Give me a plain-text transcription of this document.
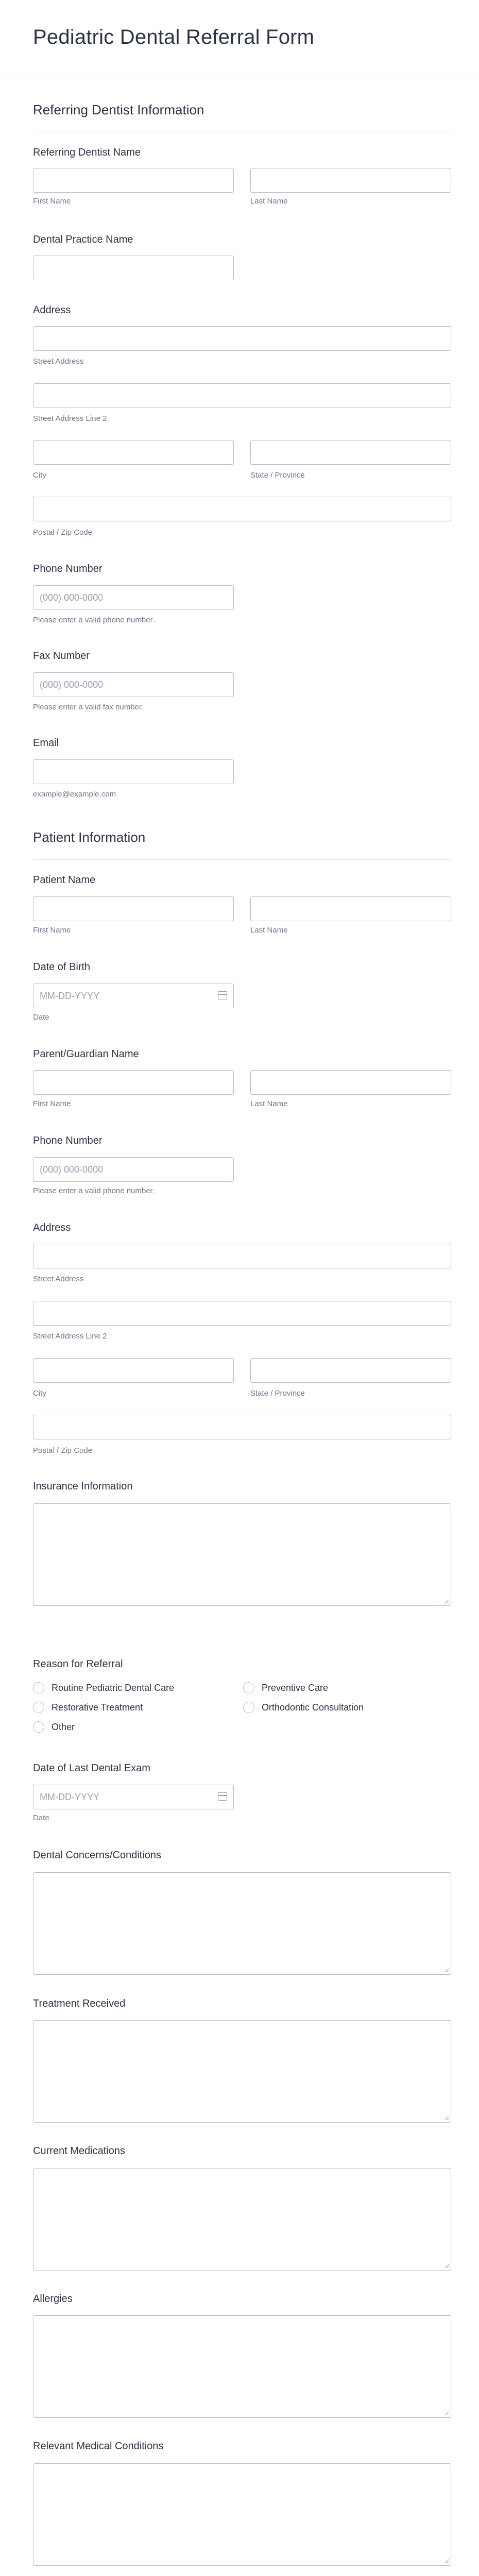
Pediatric Dental Referral Form
Referring Dentist Information
Referring Dentist Name
First Name	Last Name
Dental Practice Name
Address
Street Address
Street Address Line 2
City	State / Province
Postal / Zip Code
Phone Number
(000) 000-0000
Please enter a valid phone number.
Fax Number
(000) 000-0000
Please enter a valid fax number.
Email
example@example.com
Patient Information
Patient Name
First Name	Last Name
Date of Birth
MM-DD-YYYY
Date
Parent/Guardian Name
First Name	Last Name
Phone Number
(000) 000-0000
Please enter a valid phone number.
Address
Street Address
Street Address Line 2
City	State / Province
Postal / Zip Code
Insurance Information
Reason for Referral
Routine Pediatric Dental Care	Preventive Care
Restorative Treatment	Orthodontic Consultation
Other
Date of Last Dental Exam
MM-DD-YYYY
Date
Dental Concerns/Conditions
Treatment Received
Current Medications
Allergies
Relevant Medical Conditions
